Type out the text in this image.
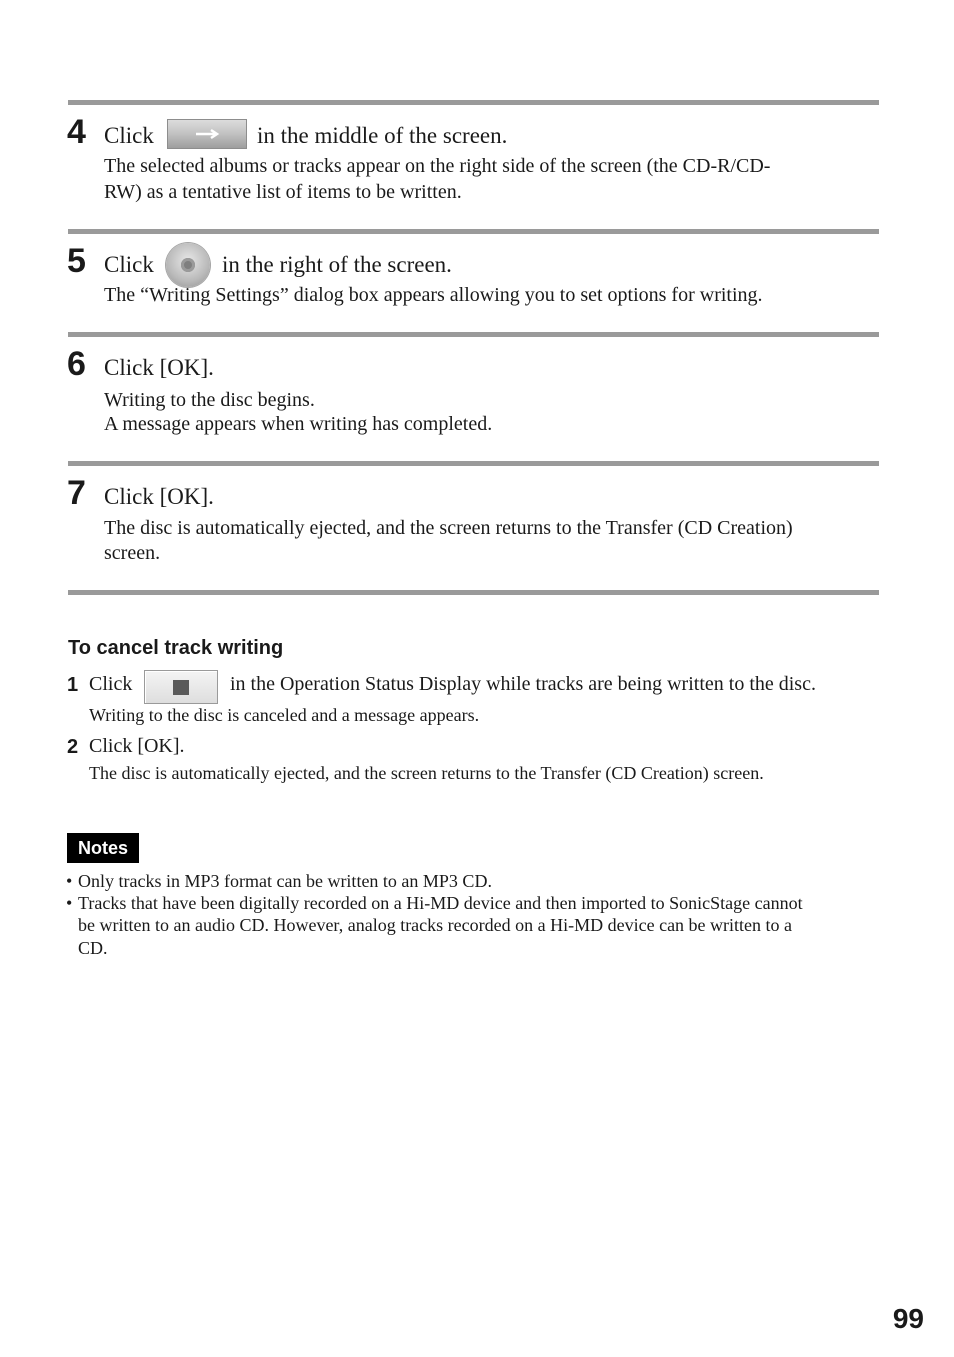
4 Click	in the middle of the screen.
The selected albums or tracks appear on the right side of the screen (the CD-R/CD-
RW) as a tentative list of items to be written.
5 Click	in the right of the screen.
The “Writing Settings” dialog box appears allowing you to set options for writing.
6 Click [OK].
Writing to the disc begins.
A message appears when writing has completed.
7 Click [OK].
The disc is automatically ejected, and the screen returns to the Transfer (CD Creation)
screen.
To cancel track writing
1 Click	in the Operation Status Display while tracks are being written to the disc.
Writing to the disc is canceled and a message appears.
2 Click [OK].
The disc is automatically ejected, and the screen returns to the Transfer (CD Creation) screen.
Notes
• Only tracks in MP3 format can be written to an MP3 CD.
• Tracks that have been digitally recorded on a Hi-MD device and then imported to SonicStage cannot
be written to an audio CD. However, analog tracks recorded on a Hi-MD device can be written to a
CD.
99
